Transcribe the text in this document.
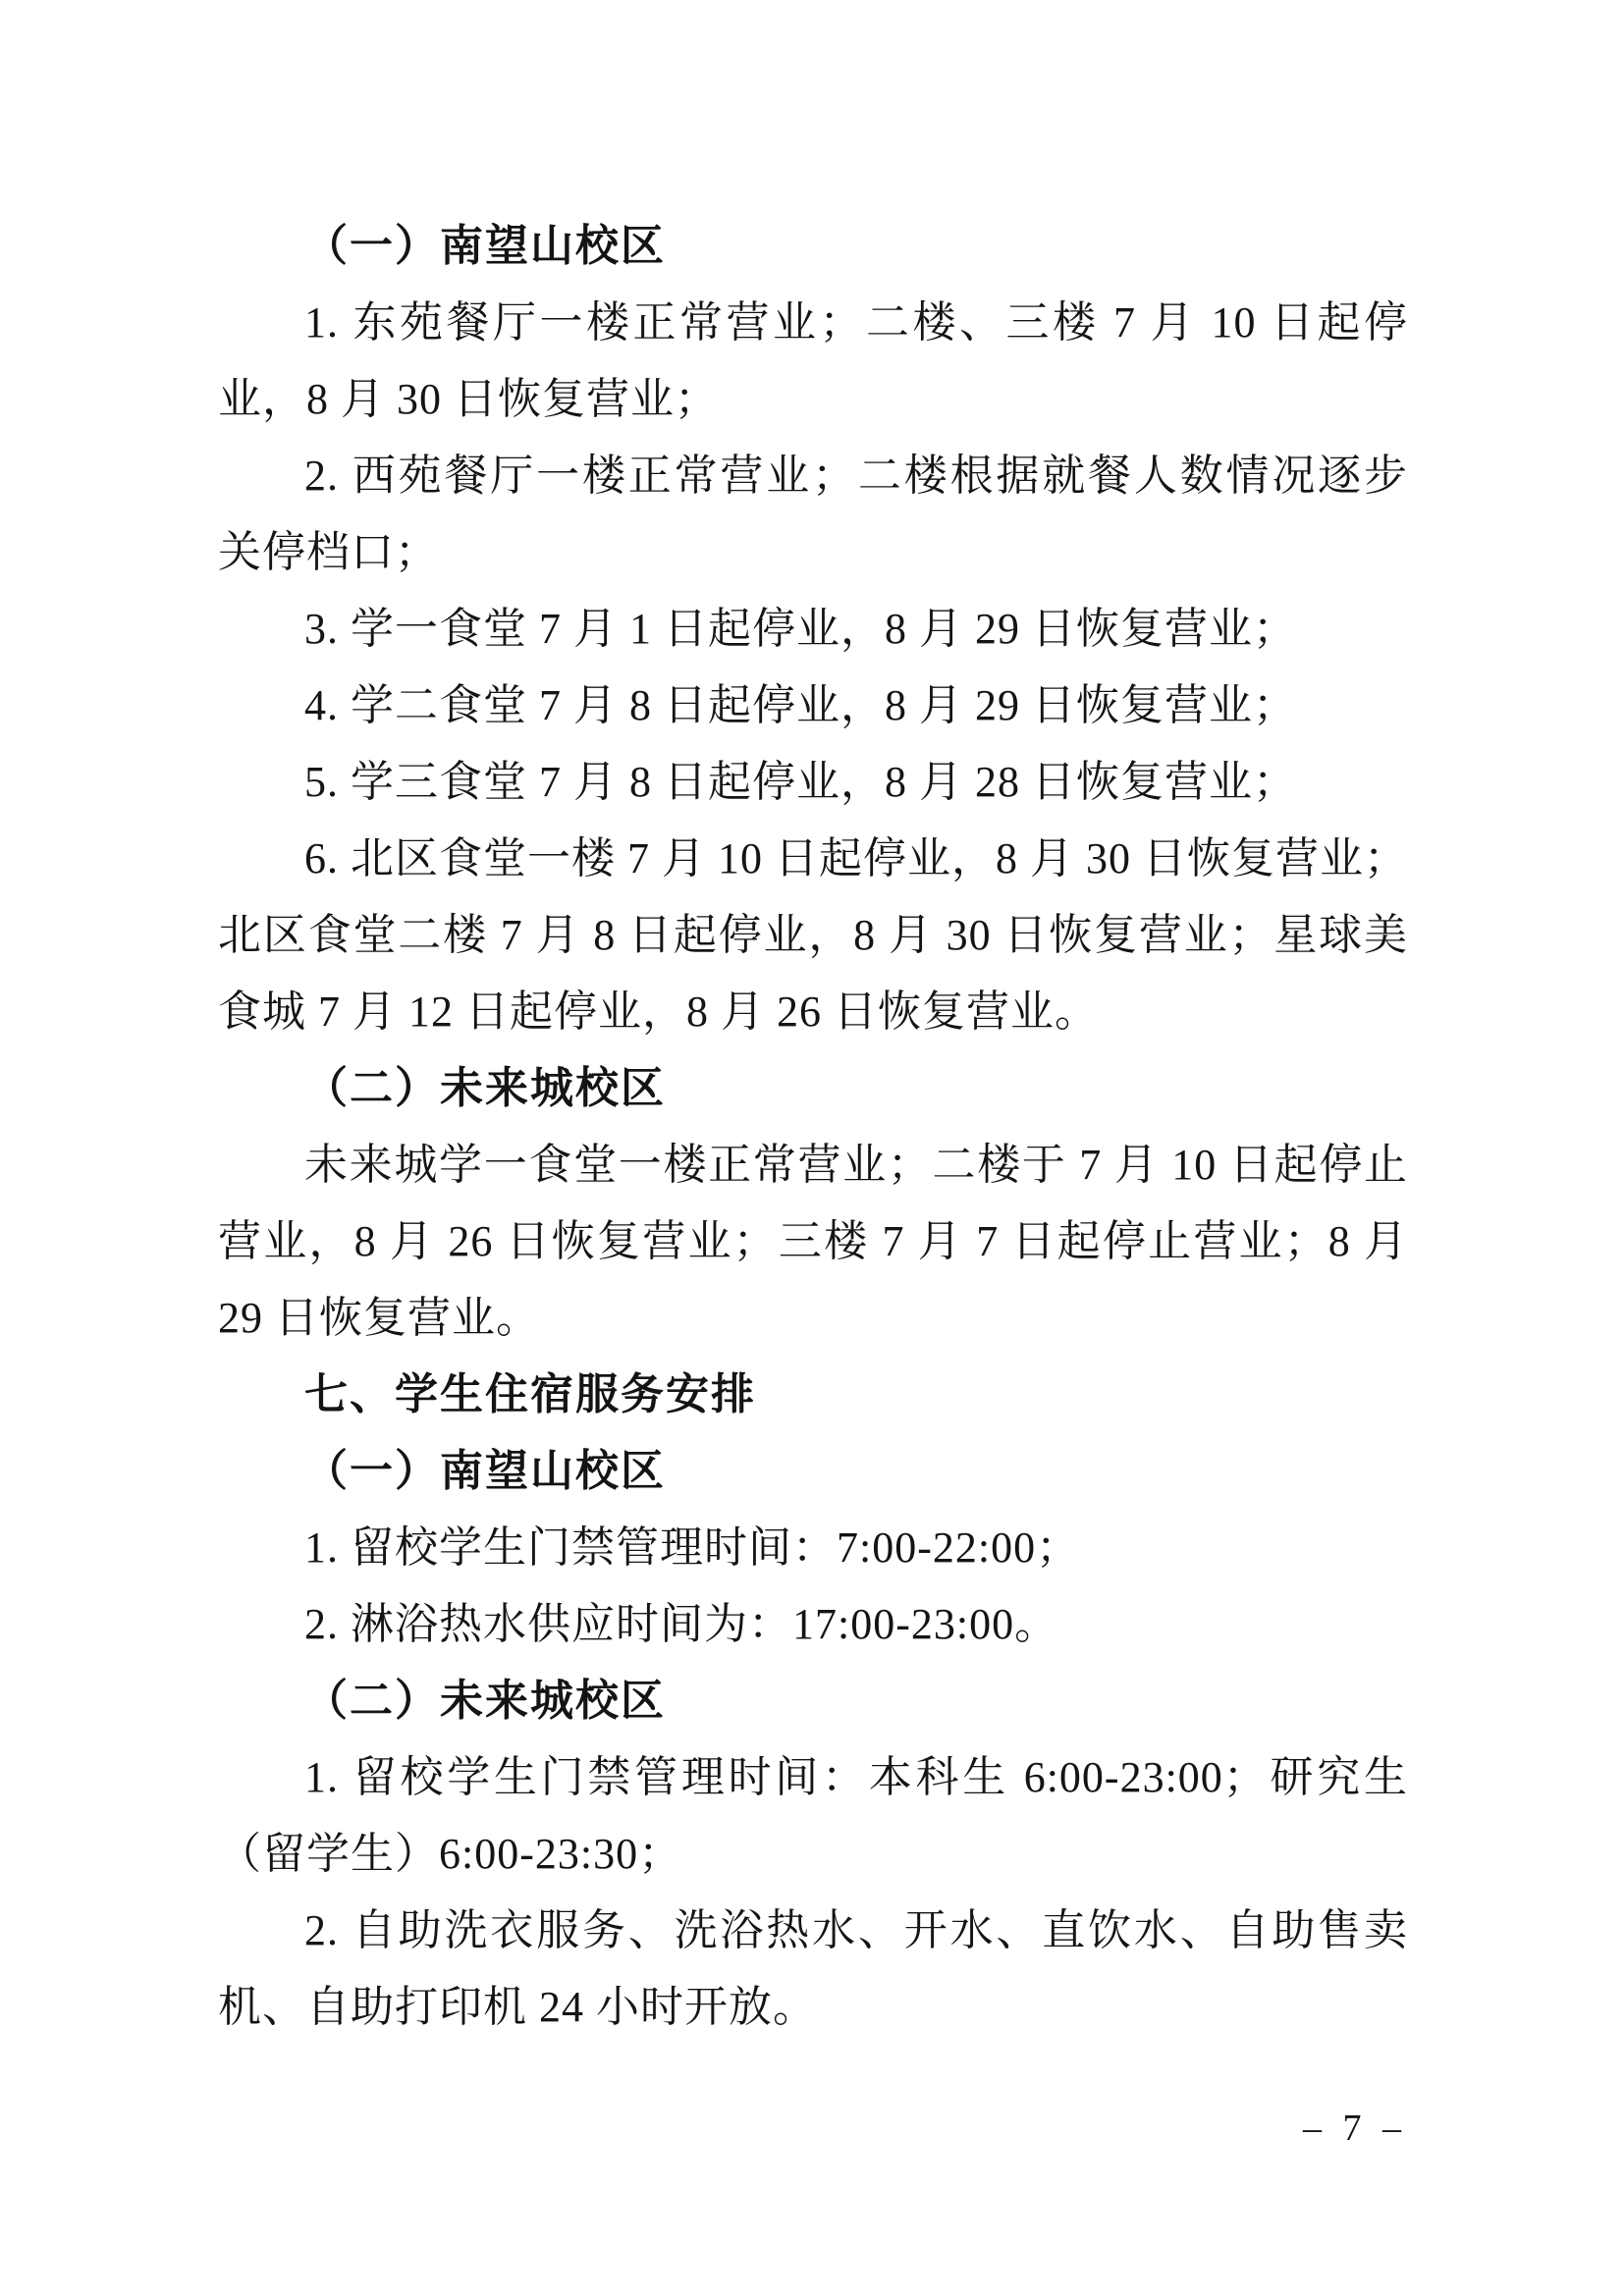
（一）南望山校区

1. 东苑餐厅一楼正常营业；二楼、三楼 7 月 10 日起停业，8 月 30 日恢复营业；

2. 西苑餐厅一楼正常营业；二楼根据就餐人数情况逐步关停档口；

3. 学一食堂 7 月 1 日起停业，8 月 29 日恢复营业；

4. 学二食堂 7 月 8 日起停业，8 月 29 日恢复营业；

5. 学三食堂 7 月 8 日起停业，8 月 28 日恢复营业；

6. 北区食堂一楼 7 月 10 日起停业，8 月 30 日恢复营业；北区食堂二楼 7 月 8 日起停业，8 月 30 日恢复营业；星球美食城 7 月 12 日起停业，8 月 26 日恢复营业。

（二）未来城校区

未来城学一食堂一楼正常营业；二楼于 7 月 10 日起停止营业，8 月 26 日恢复营业；三楼 7 月 7 日起停止营业；8 月 29 日恢复营业。

七、学生住宿服务安排
（一）南望山校区

1. 留校学生门禁管理时间：7:00-22:00；

2. 淋浴热水供应时间为：17:00-23:00。

（二）未来城校区

1. 留校学生门禁管理时间：本科生 6:00-23:00；研究生（留学生）6:00-23:30；

2. 自助洗衣服务、洗浴热水、开水、直饮水、自助售卖机、自助打印机 24 小时开放。

– 7 –
